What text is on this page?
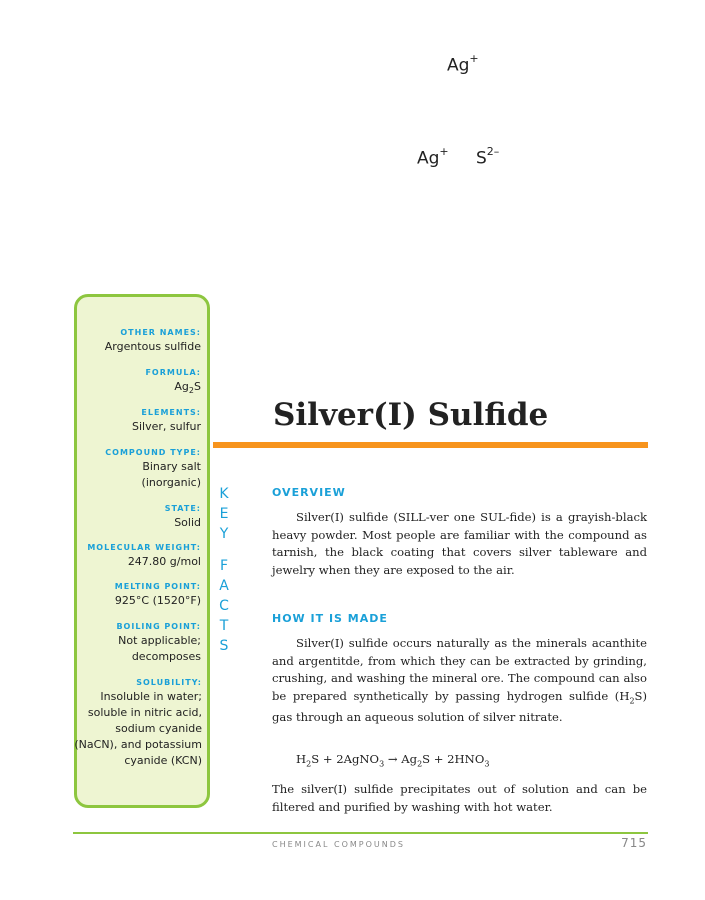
Ag+
Ag+ $S^{2-}$
OTHER NAMES:
Argentous sulfide
FORMULA:
$Ag_2S$
ELEMENTS:
Silver, sulfur
COMPOUND TYPE:
Binary salt
(inorganic)
STATE:
Solid
MOLECULAR WEIGHT:
247.80 g/mol
MELTING POINT:
925°C (1520°F)
BOILING POINT:
Not applicable;
decomposes
SOLUBILITY:
Insoluble in water;
soluble in nitric acid,
sodium cyanide
(NaCN), and potassium
cyanide (KCN)
K
E
Y
F
A
C
T
S
Silver(I) Sulfide
OVERVIEW
Silver(I) sulfide (SILL-ver one SUL-fide) is a grayish-black heavy powder. Most people are familiar with the compound as tarnish, the black coating that covers silver tableware and jewelry when they are exposed to the air.
HOW IT IS MADE
Silver(I) sulfide occurs naturally as the minerals acanthite and argentitde, from which they can be extracted by grinding, crushing, and washing the mineral ore. The compound can also be prepared synthetically by passing hydrogen sulfide $(H_2S)$ gas through an aqueous solution of silver nitrate.
$H_2S$ + 2AgNO$_3$ → $Ag_2S + 2HNO_3$
The silver(I) sulfide precipitates out of solution and can be filtered and purified by washing with hot water.
CHEMICAL COMPOUNDS	715
